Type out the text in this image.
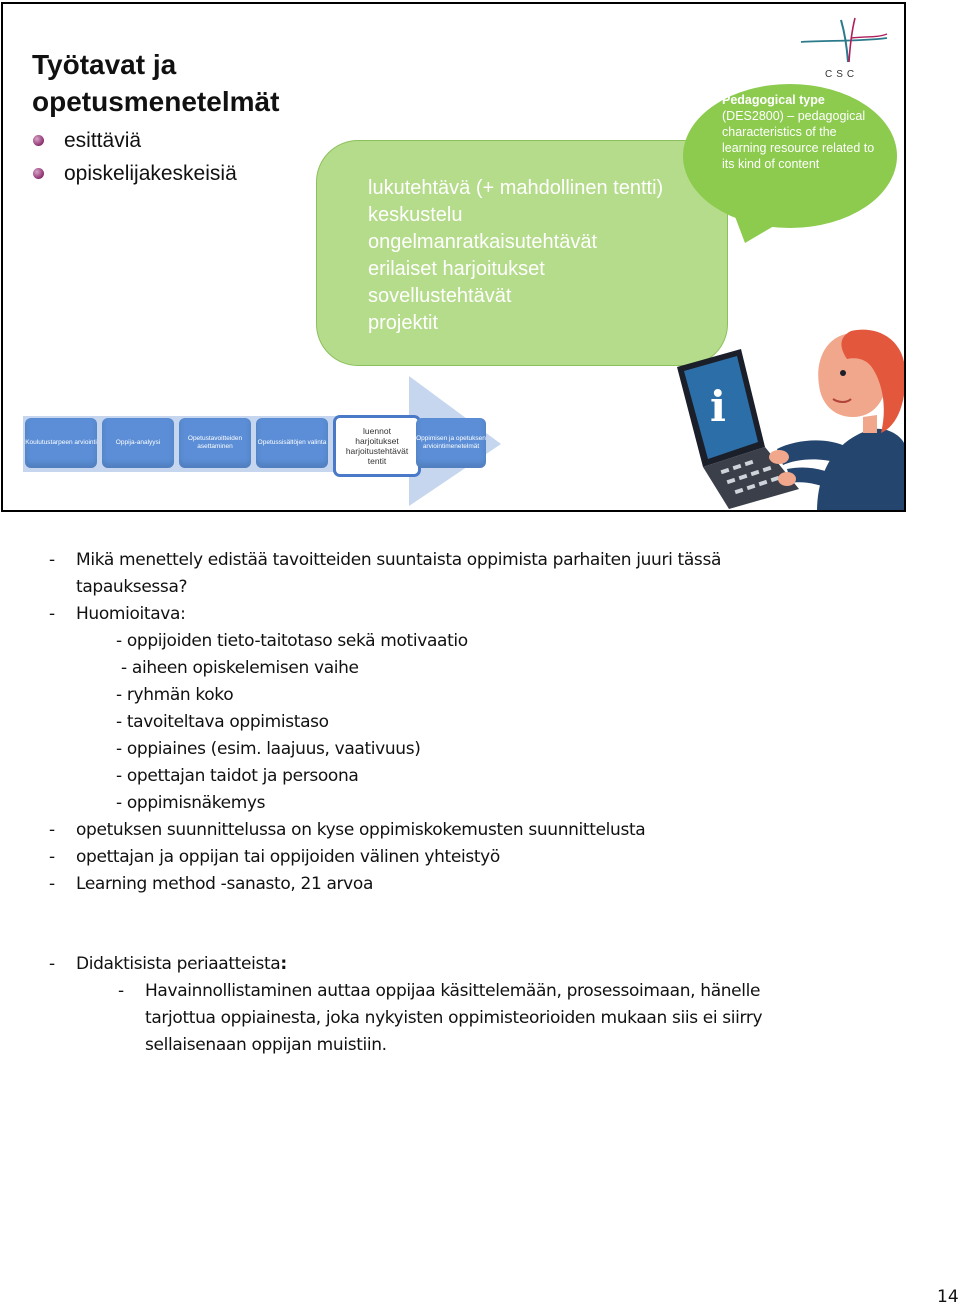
Työtavat ja
opetusmenetelmät
esittäviä
opiskelijakeskeisiä
lukutehtävä (+ mahdollinen tentti)
keskustelu
ongelmanratkaisutehtävät
erilaiset harjoitukset
sovellustehtävät
projektit
Pedagogical type
(DES2800) – pedagogical characteristics of the learning resource related to its kind of content
CSC
Koulutustarpeen arviointi	Oppija-analyysi
Opetustavoitteiden asettaminen
Opetussisältöjen valinta
luennot
harjoitukset
harjoitustehtävät
tentit
Oppimisen ja opetuksen arviointimenetelmät
i
- Mikä menettely edistää tavoitteiden suuntaista oppimista parhaiten juuri tässä
tapauksessa?
- Huomioitava:
- oppijoiden tieto-taitotaso sekä motivaatio
- aiheen opiskelemisen vaihe
- ryhmän koko
- tavoiteltava oppimistaso
- oppiaines (esim. laajuus, vaativuus)
- opettajan taidot ja persoona
- oppimisnäkemys
- opetuksen suunnittelussa on kyse oppimiskokemusten suunnittelusta
- opettajan ja oppijan tai oppijoiden välinen yhteistyö
- Learning method -sanasto, 21 arvoa
- Didaktisista periaatteista:
- Havainnollistaminen auttaa oppijaa käsittelemään, prosessoimaan, hänelle
tarjottua oppiainesta, joka nykyisten oppimisteorioiden mukaan siis ei siirry
sellaisenaan oppijan muistiin.
14
